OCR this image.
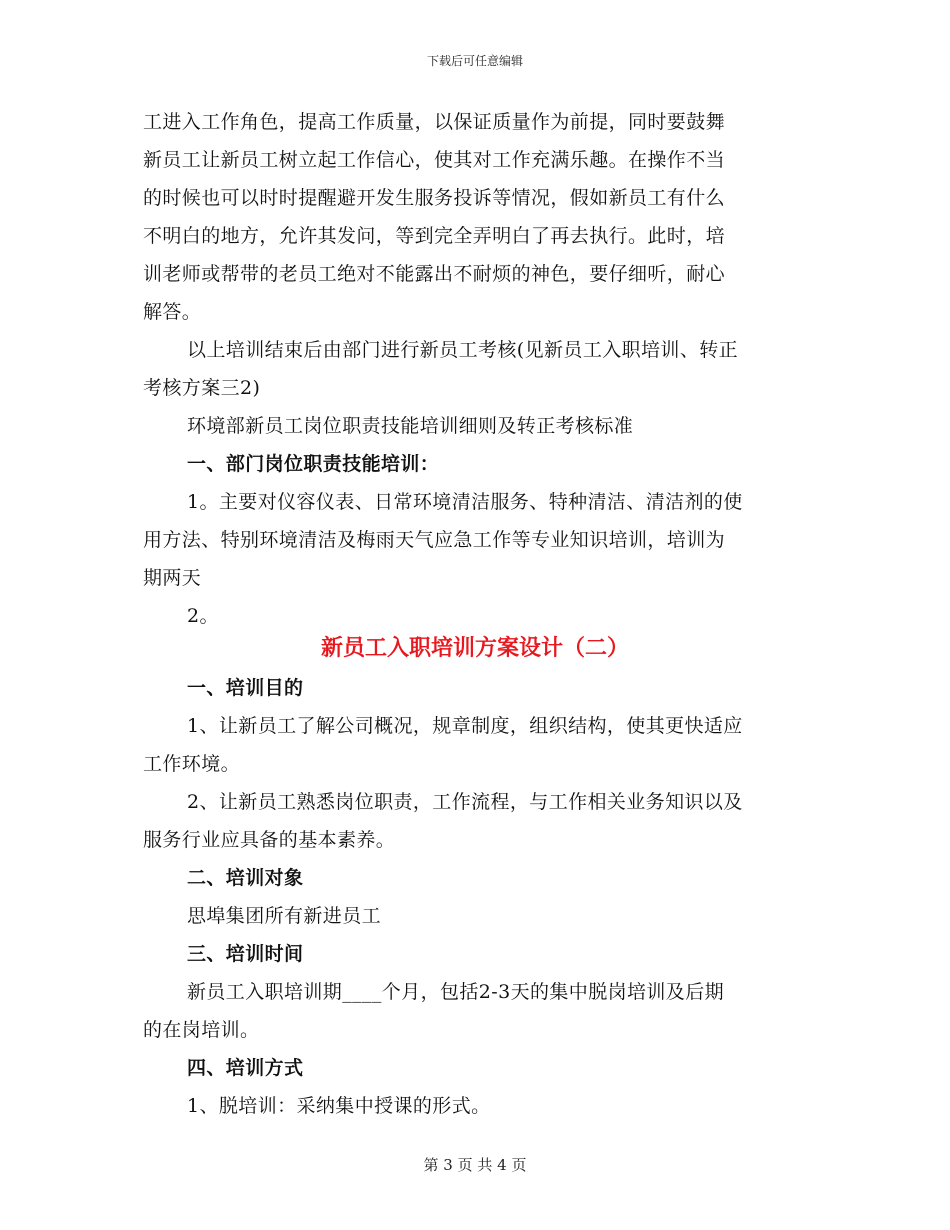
下载后可任意编辑

工进入工作角色，提高工作质量，以保证质量作为前提，同时要鼓舞

新员工让新员工树立起工作信心，使其对工作充满乐趣。在操作不当

的时候也可以时时提醒避开发生服务投诉等情况，假如新员工有什么

不明白的地方，允许其发问，等到完全弄明白了再去执行。此时，培

训老师或帮带的老员工绝对不能露出不耐烦的神色，要仔细听，耐心

解答。

以上培训结束后由部门进行新员工考核(见新员工入职培训、转正

考核方案三2)

环境部新员工岗位职责技能培训细则及转正考核标准

一、部门岗位职责技能培训：

1。主要对仪容仪表、日常环境清洁服务、特种清洁、清洁剂的使

用方法、特别环境清洁及梅雨天气应急工作等专业知识培训，培训为

期两天

2。

新员工入职培训方案设计（二）

一、培训目的

1、让新员工了解公司概况，规章制度，组织结构，使其更快适应

工作环境。

2、让新员工熟悉岗位职责，工作流程，与工作相关业务知识以及

服务行业应具备的基本素养。

二、培训对象

思埠集团所有新进员工

三、培训时间

新员工入职培训期____个月，包括2-3天的集中脱岗培训及后期

的在岗培训。

四、培训方式

1、脱培训：采纳集中授课的形式。

第 3 页 共 4 页
